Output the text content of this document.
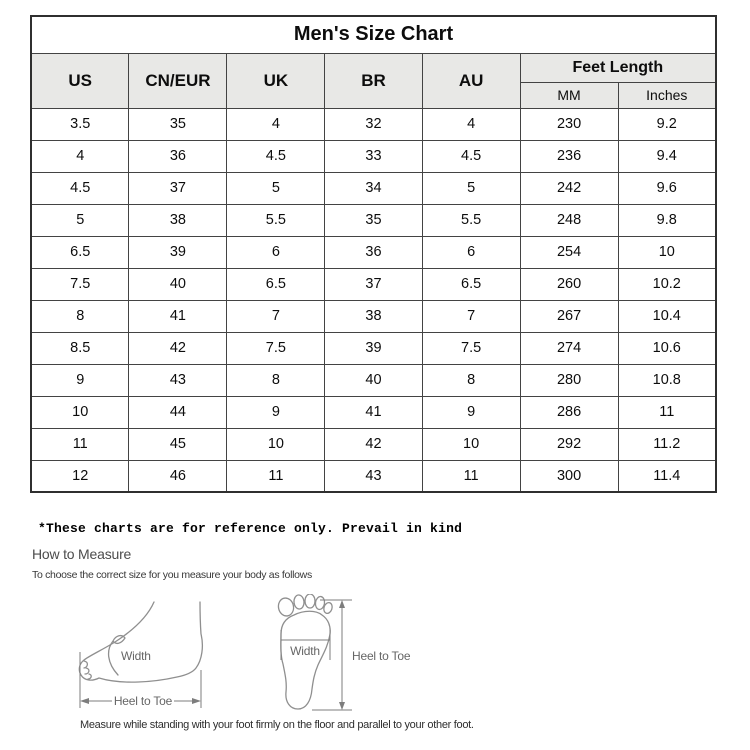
Men's Size Chart						
US	CN/EUR	UK	BR	AU	Feet Length	
					MM	Inches
3.5	35	4	32	4	230	9.2
4	36	4.5	33	4.5	236	9.4
4.5	37	5	34	5	242	9.6
5	38	5.5	35	5.5	248	9.8
6.5	39	6	36	6	254	10
7.5	40	6.5	37	6.5	260	10.2
8	41	7	38	7	267	10.4
8.5	42	7.5	39	7.5	274	10.6
9	43	8	40	8	280	10.8
10	44	9	41	9	286	11
11	45	10	42	10	292	11.2
12	46	11	43	11	300	11.4
*These charts are for reference only. Prevail in kind
How to Measure
To choose the correct size for you measure your body as follows
Width
Heel to Toe
Width	Heel to Toe
Measure while standing with your foot firmly on the floor and parallel to your other foot.
